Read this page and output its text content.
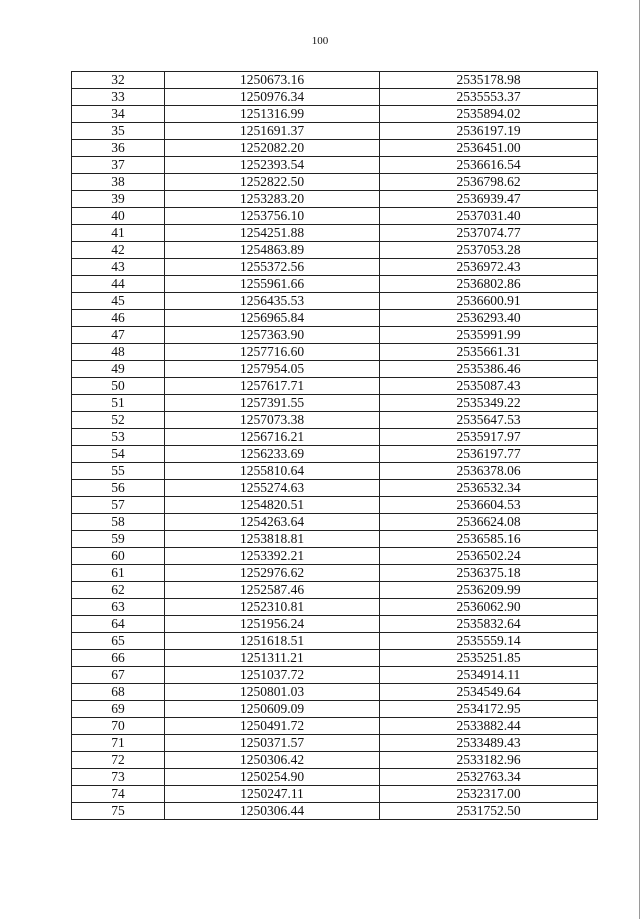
100
32	1250673.16	2535178.98
33	1250976.34	2535553.37
34	1251316.99	2535894.02
35	1251691.37	2536197.19
36	1252082.20	2536451.00
37	1252393.54	2536616.54
38	1252822.50	2536798.62
39	1253283.20	2536939.47
40	1253756.10	2537031.40
41	1254251.88	2537074.77
42	1254863.89	2537053.28
43	1255372.56	2536972.43
44	1255961.66	2536802.86
45	1256435.53	2536600.91
46	1256965.84	2536293.40
47	1257363.90	2535991.99
48	1257716.60	2535661.31
49	1257954.05	2535386.46
50	1257617.71	2535087.43
51	1257391.55	2535349.22
52	1257073.38	2535647.53
53	1256716.21	2535917.97
54	1256233.69	2536197.77
55	1255810.64	2536378.06
56	1255274.63	2536532.34
57	1254820.51	2536604.53
58	1254263.64	2536624.08
59	1253818.81	2536585.16
60	1253392.21	2536502.24
61	1252976.62	2536375.18
62	1252587.46	2536209.99
63	1252310.81	2536062.90
64	1251956.24	2535832.64
65	1251618.51	2535559.14
66	1251311.21	2535251.85
67	1251037.72	2534914.11
68	1250801.03	2534549.64
69	1250609.09	2534172.95
70	1250491.72	2533882.44
71	1250371.57	2533489.43
72	1250306.42	2533182.96
73	1250254.90	2532763.34
74	1250247.11	2532317.00
75	1250306.44	2531752.50
